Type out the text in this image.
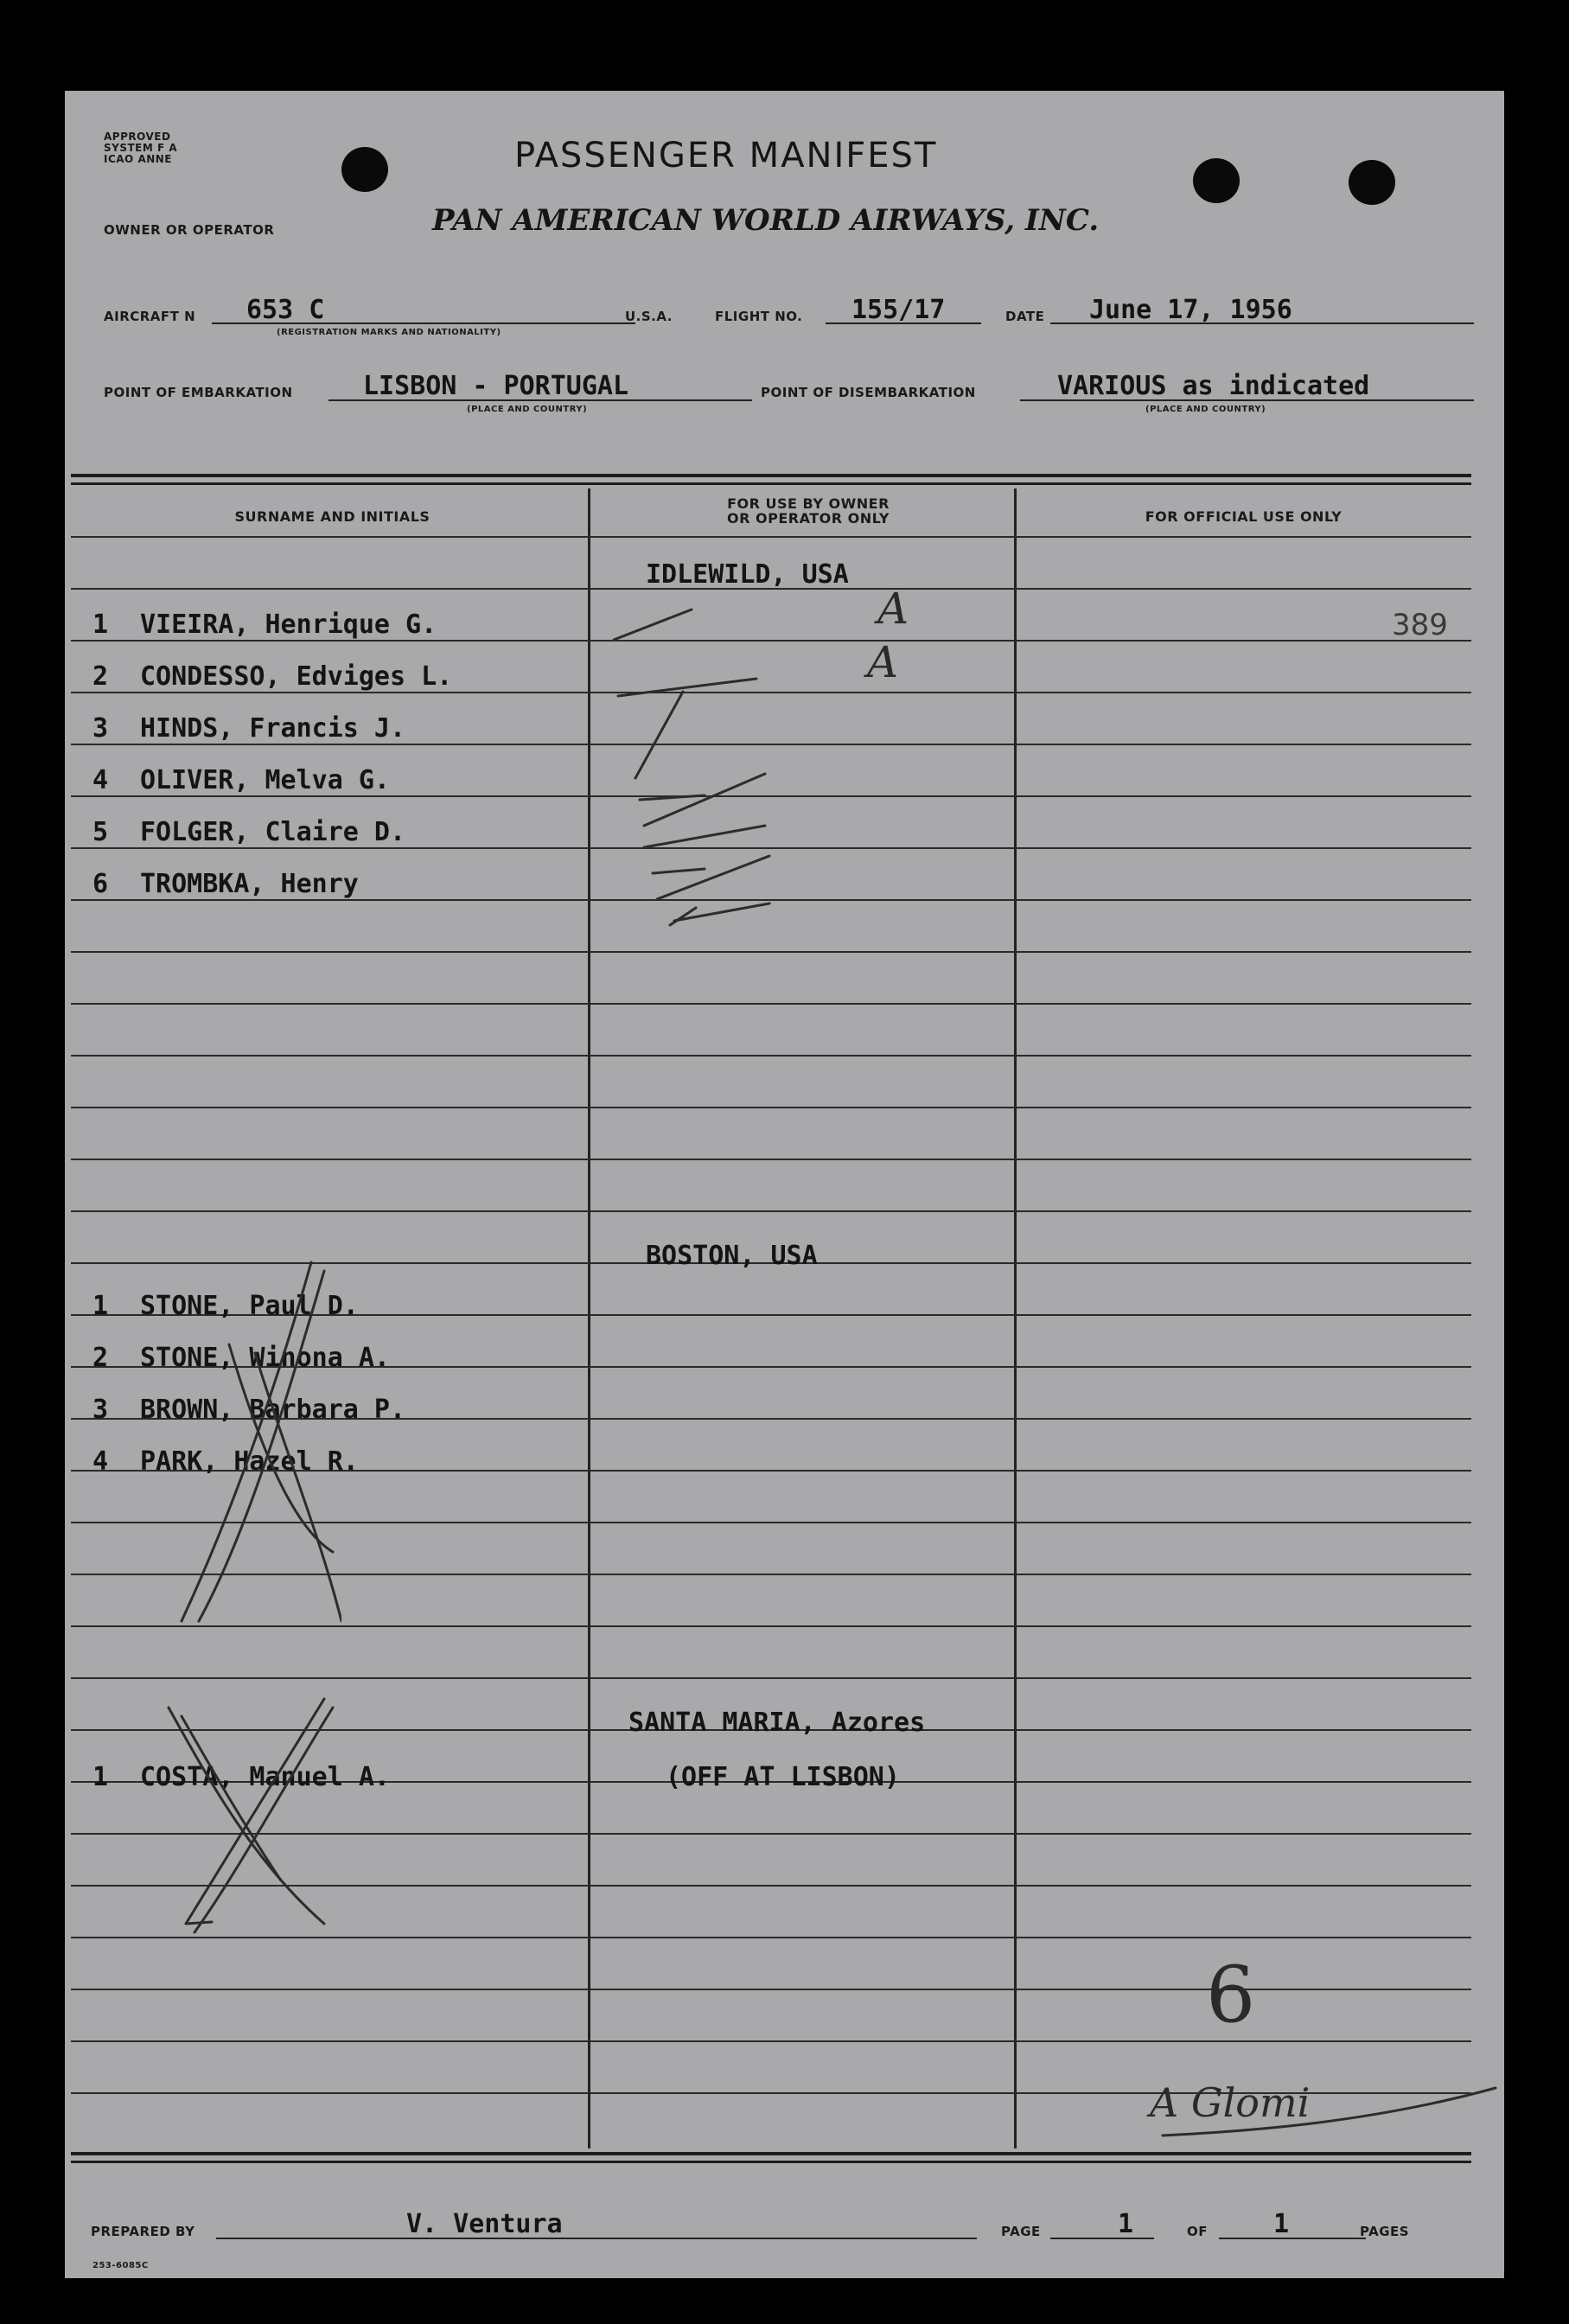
APPROVED
SYSTEM F A
ICAO ANNE	PASSENGER MANIFEST
OWNER OR OPERATOR	PAN AMERICAN WORLD AIRWAYS, INC.
AIRCRAFT N 653 C
(REGISTRATION MARKS AND NATIONALITY)
U.S.A.	FLIGHT NO. 155/17	DATE June 17, 1956
POINT OF EMBARKATION	LISBON - PORTUGAL
(PLACE AND COUNTRY)
POINT OF DISEMBARKATION	VARIOUS as indicated
(PLACE AND COUNTRY)
SURNAME AND INITIALS
FOR USE BY OWNER
OR OPERATOR ONLY	FOR OFFICIAL USE ONLY
IDLEWILD, USA
1 VIEIRA, Henrique G.	A	389
2 CONDESSO, Edviges L.	A
3 HINDS, Francis J.
4 OLIVER, Melva G.
5 FOLGER, Claire D.
6 TROMBKA, Henry
BOSTON, USA
1 STONE, Paul D.
2 STONE, Winona A.
3 BROWN, Barbara P.
4 PARK, Hazel R.
SANTA MARIA, Azores
(OFF AT LISBON)
1 COSTA, Manuel A.
6
A Glomi
PREPARED BY	V. Ventura	PAGE	1	OF	1	PAGES
253-6085C
